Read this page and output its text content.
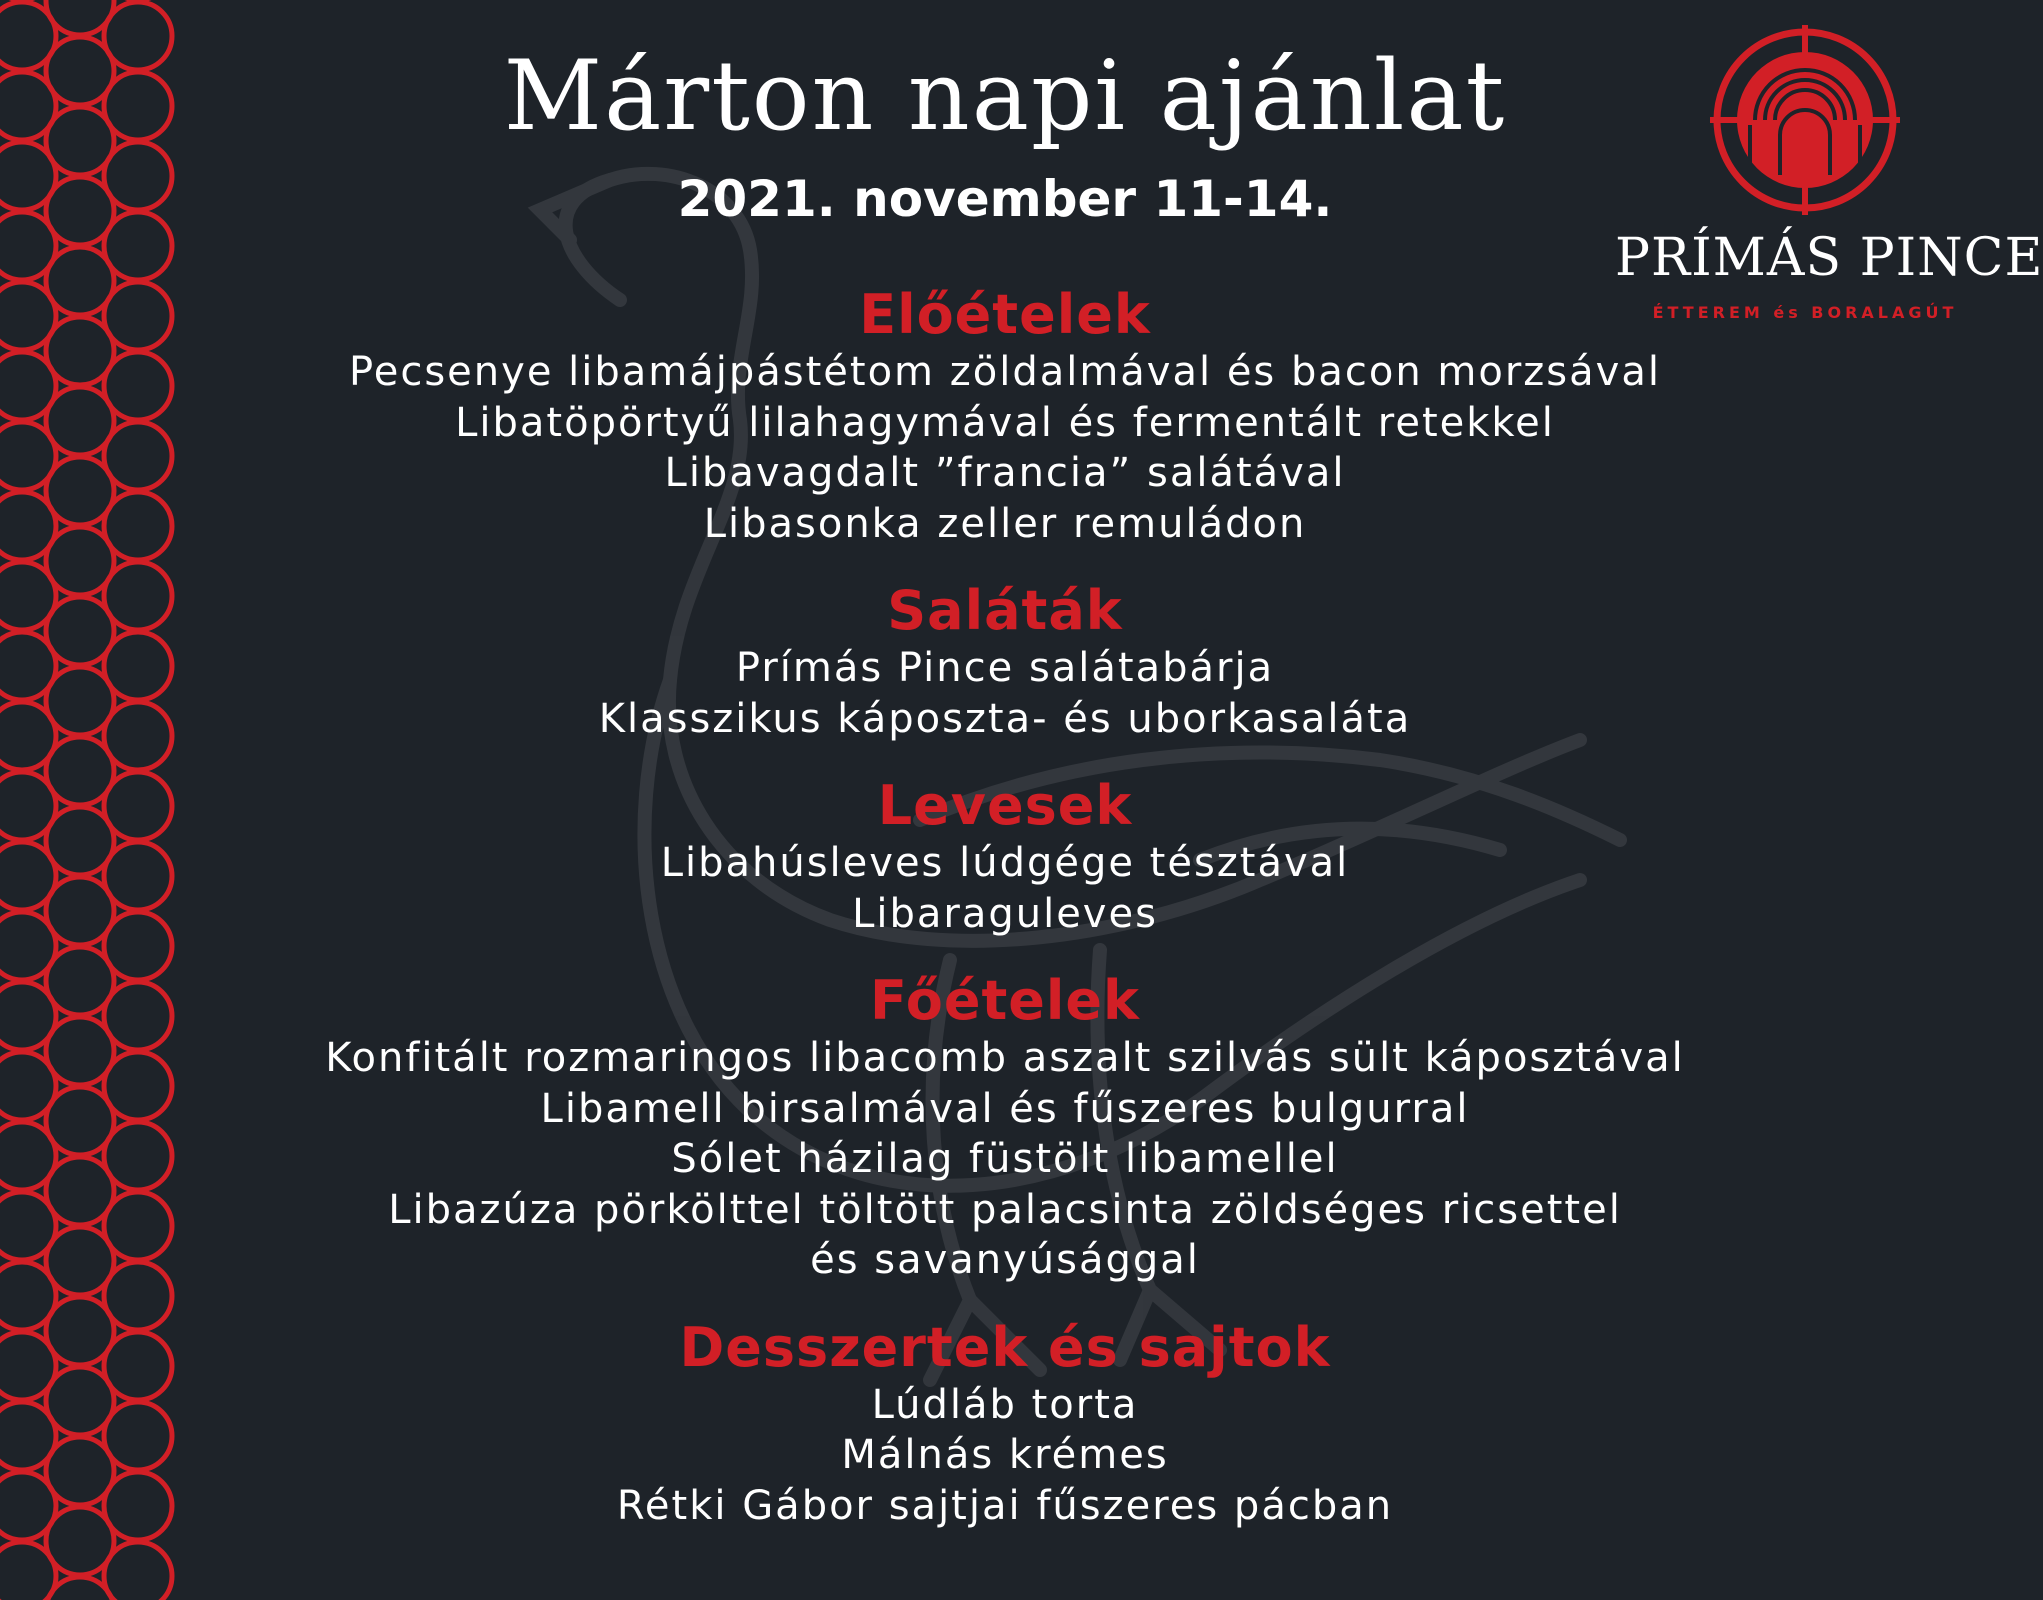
Márton napi ajánlat
2021. november 11-14.
PRÍMÁS PINCE
ÉTTEREM és BORALAGÚT
Előételek
Pecsenye libamájpástétom zöldalmával és bacon morzsával
Libatöpörtyű lilahagymával és fermentált retekkel
Libavagdalt ”francia” salátával
Libasonka zeller remuládon
Saláták
Prímás Pince salátabárja
Klasszikus káposzta- és uborkasaláta
Levesek
Libahúsleves lúdgége tésztával
Libaraguleves
Főételek
Konfitált rozmaringos libacomb aszalt szilvás sült káposztával
Libamell birsalmával és fűszeres bulgurral
Sólet házilag füstölt libamellel
Libazúza pörkölttel töltött palacsinta zöldséges ricsettel
és savanyúsággal
Desszertek és sajtok
Lúdláb torta
Málnás krémes
Rétki Gábor sajtjai fűszeres pácban
